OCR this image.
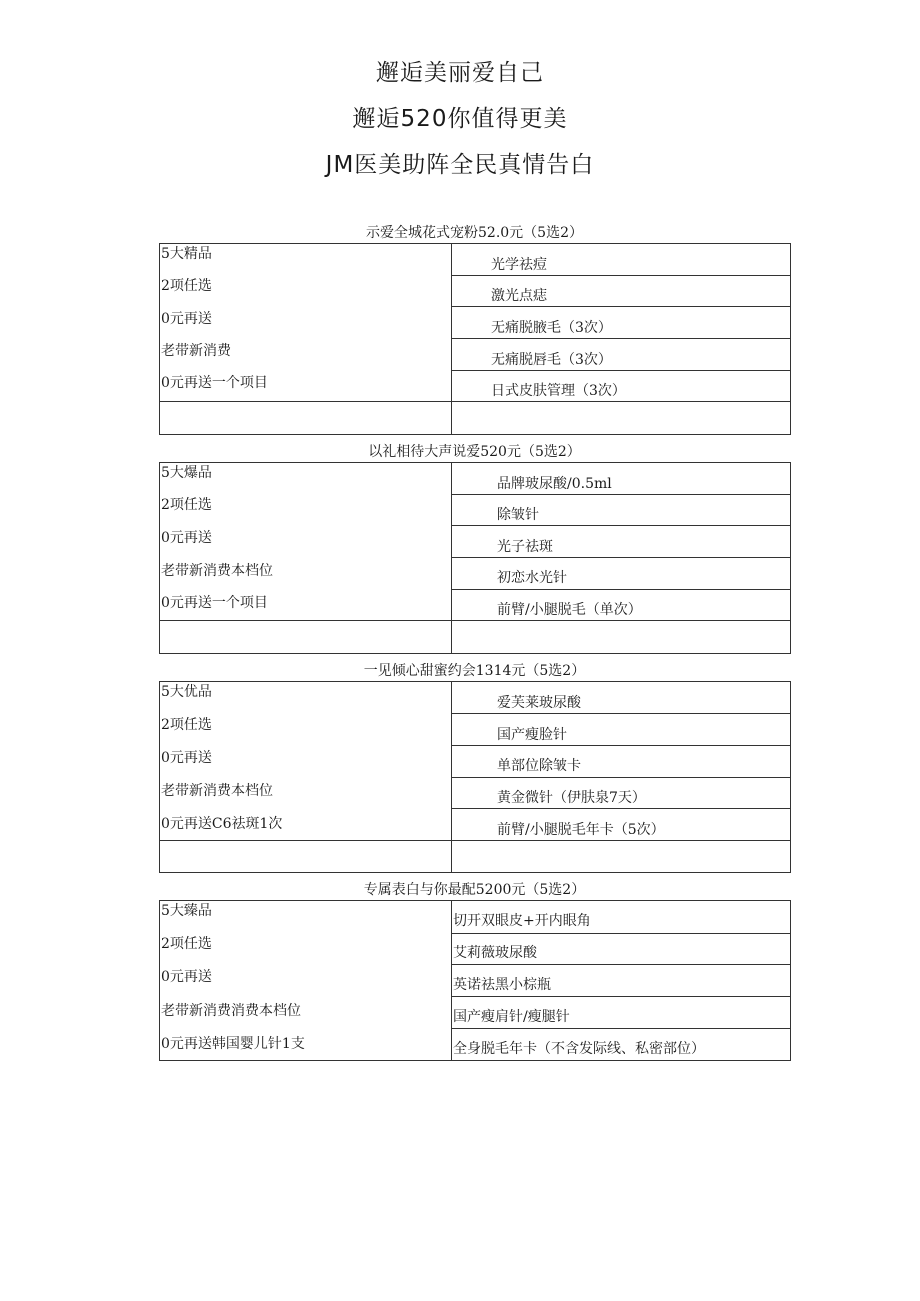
邂逅美丽爱自己
邂逅520你值得更美
JM医美助阵全民真情告白
示爱全城花式宠粉52.0元（5选2）
5大精品
2项任选
0元再送
老带新消费
0元再送一个项目
光学祛痘
激光点痣
无痛脱腋毛（3次）
无痛脱唇毛（3次）
日式皮肤管理（3次）
以礼相待大声说爱520元（5选2）
5大爆品
2项任选
0元再送
老带新消费本档位
0元再送一个项目
品牌玻尿酸/0.5ml
除皱针
光子祛斑
初恋水光针
前臂/小腿脱毛（单次）
一见倾心甜蜜约会1314元（5选2）
5大优品
2项任选
0元再送
老带新消费本档位
0元再送C6祛斑1次
爱芙莱玻尿酸
国产瘦脸针
单部位除皱卡
黄金微针（伊肤泉7天）
前臂/小腿脱毛年卡（5次）
专属表白与你最配5200元（5选2）
5大臻品
2项任选
0元再送
老带新消费消费本档位
0元再送韩国婴儿针1支
切开双眼皮+开内眼角
艾莉薇玻尿酸
英诺祛黑小棕瓶
国产瘦肩针/瘦腿针
全身脱毛年卡（不含发际线、私密部位）
